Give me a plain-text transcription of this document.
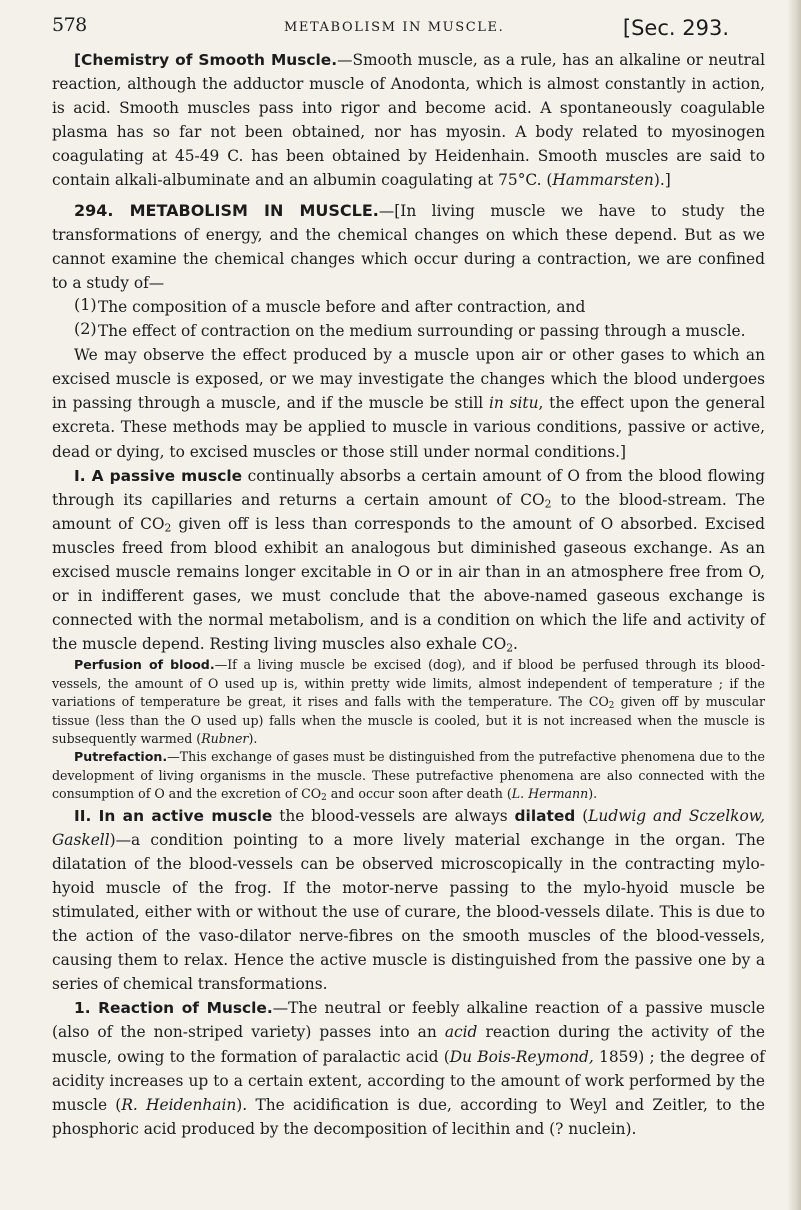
578	METABOLISM IN MUSCLE.	[Sec. 293.

[Chemistry of Smooth Muscle.—Smooth muscle, as a rule, has an alkaline or neutral reaction, although the adductor muscle of Anodonta, which is almost constantly in action, is acid. Smooth muscles pass into rigor and become acid. A spontaneously coagulable plasma has so far not been obtained, nor has myosin. A body related to myosinogen coagulating at 45-49 C. has been obtained by Heidenhain. Smooth muscles are said to contain alkali-albuminate and an albumin coagulating at 75°C. (Hammarsten).]

294. METABOLISM IN MUSCLE.—[In living muscle we have to study the transformations of energy, and the chemical changes on which these depend. But as we cannot examine the chemical changes which occur during a contraction, we are confined to a study of—

(1) The composition of a muscle before and after contraction, and
(2) The effect of contraction on the medium surrounding or passing through a muscle.

We may observe the effect produced by a muscle upon air or other gases to which an excised muscle is exposed, or we may investigate the changes which the blood undergoes in passing through a muscle, and if the muscle be still in situ, the effect upon the general excreta. These methods may be applied to muscle in various conditions, passive or active, dead or dying, to excised muscles or those still under normal conditions.]

I. A passive muscle continually absorbs a certain amount of O from the blood flowing through its capillaries and returns a certain amount of $CO_2$ to the blood-stream. The amount of $CO_2$ given off is less than corresponds to the amount of O absorbed. Excised muscles freed from blood exhibit an analogous but diminished gaseous exchange. As an excised muscle remains longer excitable in O or in air than in an atmosphere free from O, or in indifferent gases, we must conclude that the above-named gaseous exchange is connected with the normal metabolism, and is a condition on which the life and activity of the muscle depend. Resting living muscles also exhale $CO_2$.

Perfusion of blood.—If a living muscle be excised (dog), and if blood be perfused through its blood-vessels, the amount of O used up is, within pretty wide limits, almost independent of temperature ; if the variations of temperature be great, it rises and falls with the temperature. The $CO_2$ given off by muscular tissue (less than the O used up) falls when the muscle is cooled, but it is not increased when the muscle is subsequently warmed (Rubner).

Putrefaction.—This exchange of gases must be distinguished from the putrefactive phenomena due to the development of living organisms in the muscle. These putrefactive phenomena are also connected with the consumption of O and the excretion of $CO_2$ and occur soon after death (L. Hermann).

II. In an active muscle the blood-vessels are always dilated (Ludwig and Sczelkow, Gaskell)—a condition pointing to a more lively material exchange in the organ. The dilatation of the blood-vessels can be observed microscopically in the contracting mylo-hyoid muscle of the frog. If the motor-nerve passing to the mylo-hyoid muscle be stimulated, either with or without the use of curare, the blood-vessels dilate. This is due to the action of the vaso-dilator nerve-fibres on the smooth muscles of the blood-vessels, causing them to relax. Hence the active muscle is distinguished from the passive one by a series of chemical transformations.

1. Reaction of Muscle.—The neutral or feebly alkaline reaction of a passive muscle (also of the non-striped variety) passes into an acid reaction during the activity of the muscle, owing to the formation of paralactic acid (Du Bois-Reymond, 1859) ; the degree of acidity increases up to a certain extent, according to the amount of work performed by the muscle (R. Heidenhain). The acidification is due, according to Weyl and Zeitler, to the phosphoric acid produced by the decomposition of lecithin and (? nuclein).
